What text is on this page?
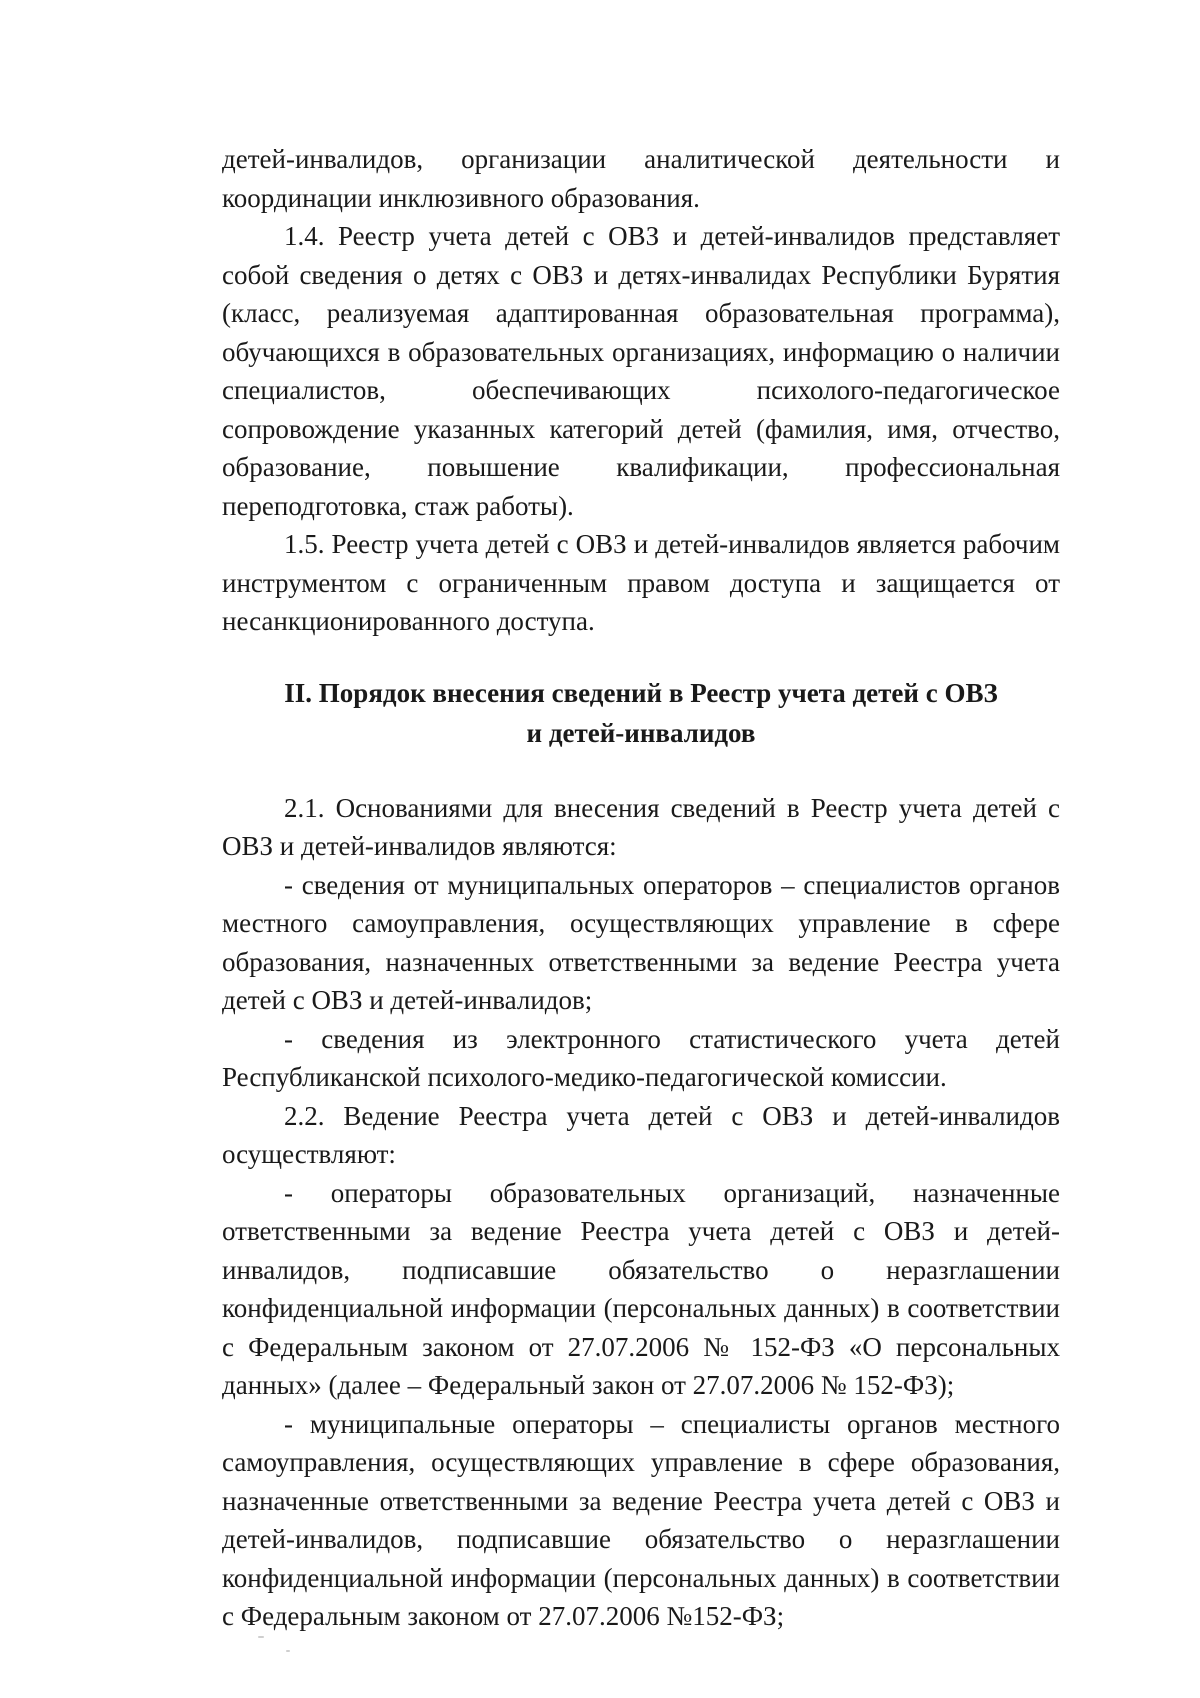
детей-инвалидов, организации аналитической деятельности и координации инклюзивного образования.

1.4. Реестр учета детей с ОВЗ и детей-инвалидов представляет собой сведения о детях с ОВЗ и детях-инвалидах Республики Бурятия (класс, реализуемая адаптированная образовательная программа), обучающихся в образовательных организациях, информацию о наличии специалистов, обеспечивающих психолого-педагогическое сопровождение указанных категорий детей (фамилия, имя, отчество, образование, повышение квалификации, профессиональная переподготовка, стаж работы).

1.5. Реестр учета детей с ОВЗ и детей-инвалидов является рабочим инструментом с ограниченным правом доступа и защищается от несанкционированного доступа.

II. Порядок внесения сведений в Реестр учета детей с ОВЗ

и детей-инвалидов

2.1. Основаниями для внесения сведений в Реестр учета детей с ОВЗ и детей-инвалидов являются:

- сведения от муниципальных операторов – специалистов органов местного самоуправления, осуществляющих управление в сфере образования, назначенных ответственными за ведение Реестра учета детей с ОВЗ и детей-инвалидов;

- сведения из электронного статистического учета детей Республиканской психолого-медико-педагогической комиссии.

2.2. Ведение Реестра учета детей с ОВЗ и детей-инвалидов осуществляют:

- операторы образовательных организаций, назначенные ответственными за ведение Реестра учета детей с ОВЗ и детей-инвалидов, подписавшие обязательство о неразглашении конфиденциальной информации (персональных данных) в соответствии с Федеральным законом от 27.07.2006 № 152-ФЗ «О персональных данных» (далее – Федеральный закон от 27.07.2006 № 152-ФЗ);

- муниципальные операторы – специалисты органов местного самоуправления, осуществляющих управление в сфере образования, назначенные ответственными за ведение Реестра учета детей с ОВЗ и детей-инвалидов, подписавшие обязательство о неразглашении конфиденциальной информации (персональных данных) в соответствии с Федеральным законом от 27.07.2006 №152-ФЗ;
